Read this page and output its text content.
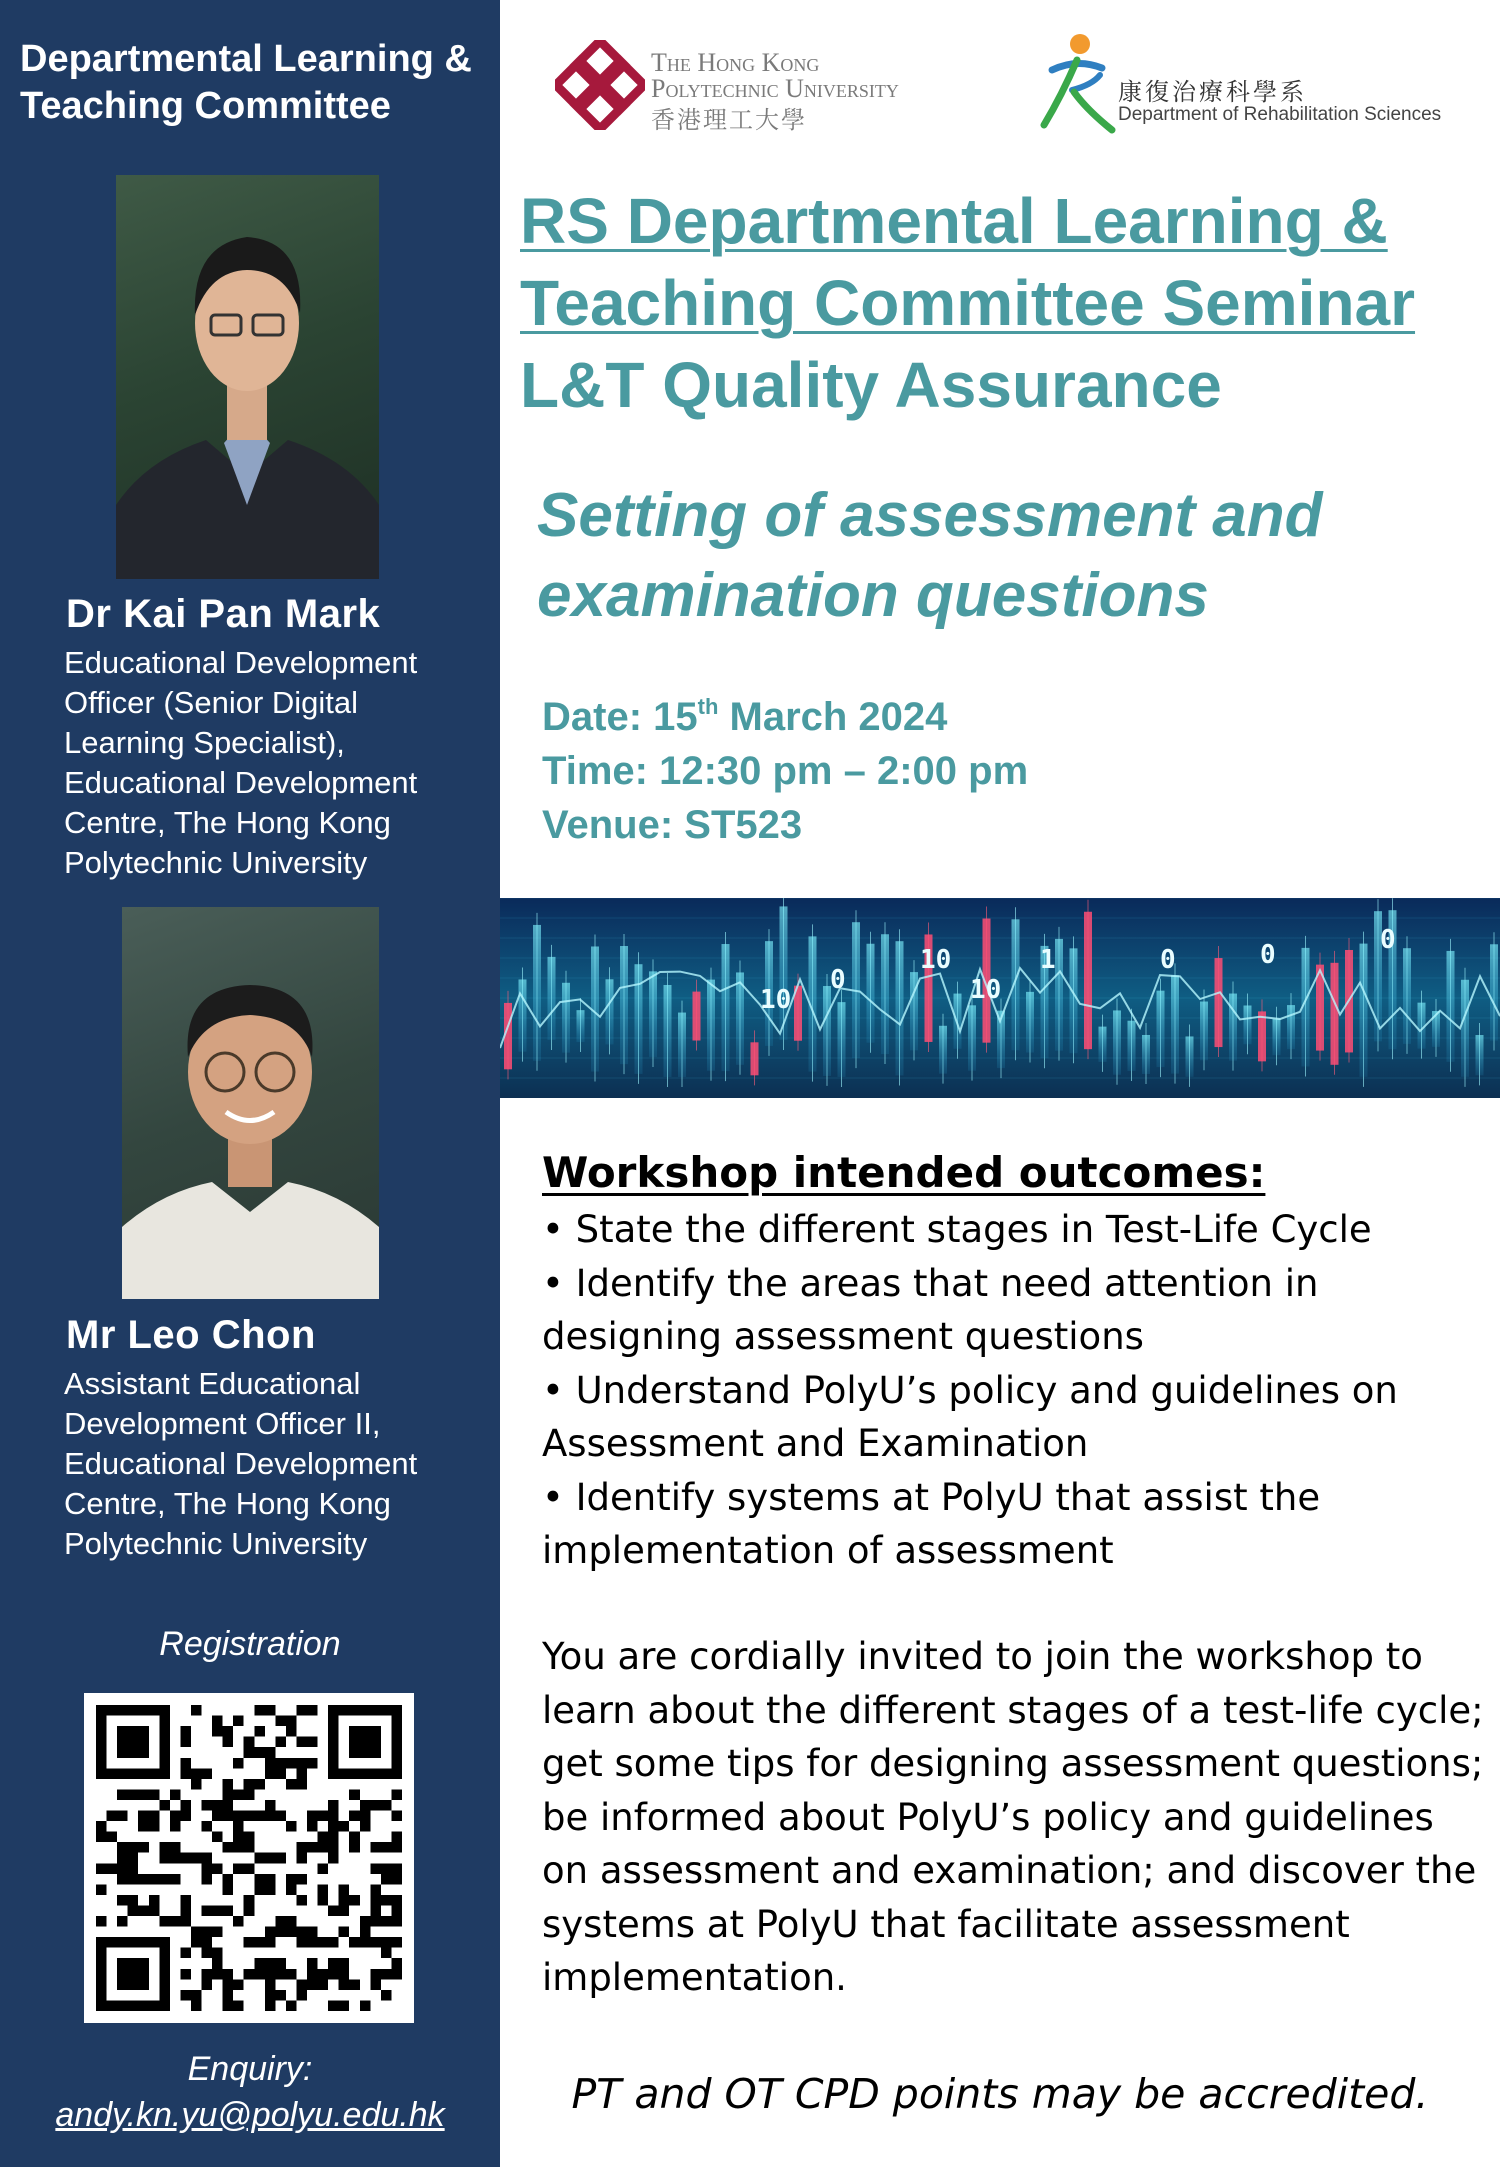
Departmental Learning &
Teaching Committee
Dr Kai Pan Mark
Educational Development
Officer (Senior Digital
Learning Specialist),
Educational Development
Centre, The Hong Kong
Polytechnic University
Mr Leo Chon
Assistant Educational
Development Officer II,
Educational Development
Centre, The Hong Kong
Polytechnic University
Registration
Enquiry:
andy.kn.yu@polyu.edu.hk
The Hong Kong
Polytechnic University
香港理工大學
康復治療科學系
Department of Rehabilitation Sciences
RS Departmental Learning &
Teaching Committee Seminar
L&T Quality Assurance
Setting of assessment and
examination questions
Date: 15th March 2024
Time: 12:30 pm – 2:00 pm
Venue: ST523
10
10
1	0	0
0
10
0
Workshop intended outcomes:
• State the different stages in Test-Life Cycle
• Identify the areas that need attention in designing assessment questions
• Understand PolyU’s policy and guidelines on Assessment and Examination
• Identify systems at PolyU that assist the implementation of assessment
You are cordially invited to join the workshop to learn about the different stages of a test-life cycle; get some tips for designing assessment questions; be informed about PolyU’s policy and guidelines on assessment and examination; and discover the systems at PolyU that facilitate assessment implementation.
PT and OT CPD points may be accredited.
